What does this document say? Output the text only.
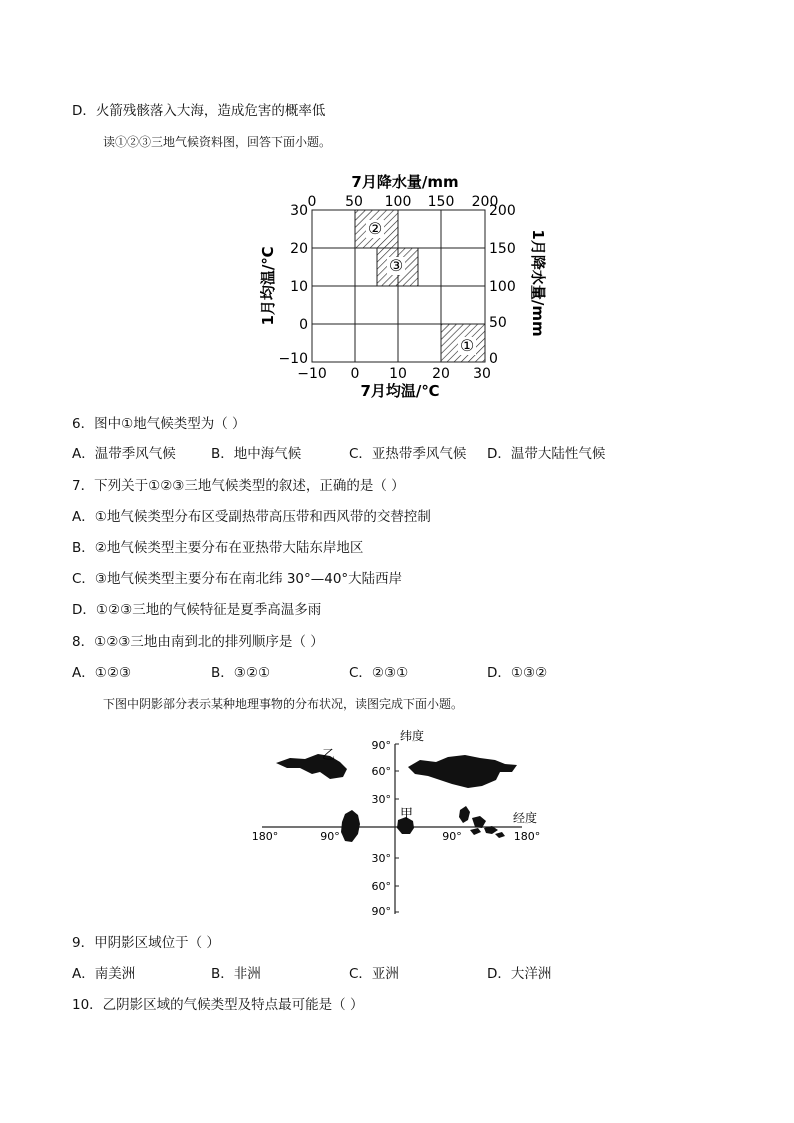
D．火箭残骸落入大海，造成危害的概率低
读①②③三地气候资料图，回答下面小题。
7月降水量/mm
0 50 100 150 200
②
③
①
30
20
10
0
−10
1月均温/℃
200
150
100
50
0
1月降水量/mm
−10 0 10 20 30
7月均温/℃
6．图中①地气候类型为（ ）
A．温带季风气候	B．地中海气候	C．亚热带季风气候 D．温带大陆性气候
7．下列关于①②③三地气候类型的叙述，正确的是（ ）
A．①地气候类型分布区受副热带高压带和西风带的交替控制
B．②地气候类型主要分布在亚热带大陆东岸地区
C．③地气候类型主要分布在南北纬 30°—40°大陆西岸
D．①②③三地的气候特征是夏季高温多雨
8．①②③三地由南到北的排列顺序是（ ）
A．①②③	B．③②①	C．②③①	D．①③②
下图中阴影部分表示某种地理事物的分布状况，读图完成下面小题。
纬度
经度
90°
60°
30°
30°
60°
90°
180°	90°	90°	180°
乙
甲
9．甲阴影区域位于（ ）
A．南美洲	B．非洲	C．亚洲	D．大洋洲
10．乙阴影区域的气候类型及特点最可能是（ ）
